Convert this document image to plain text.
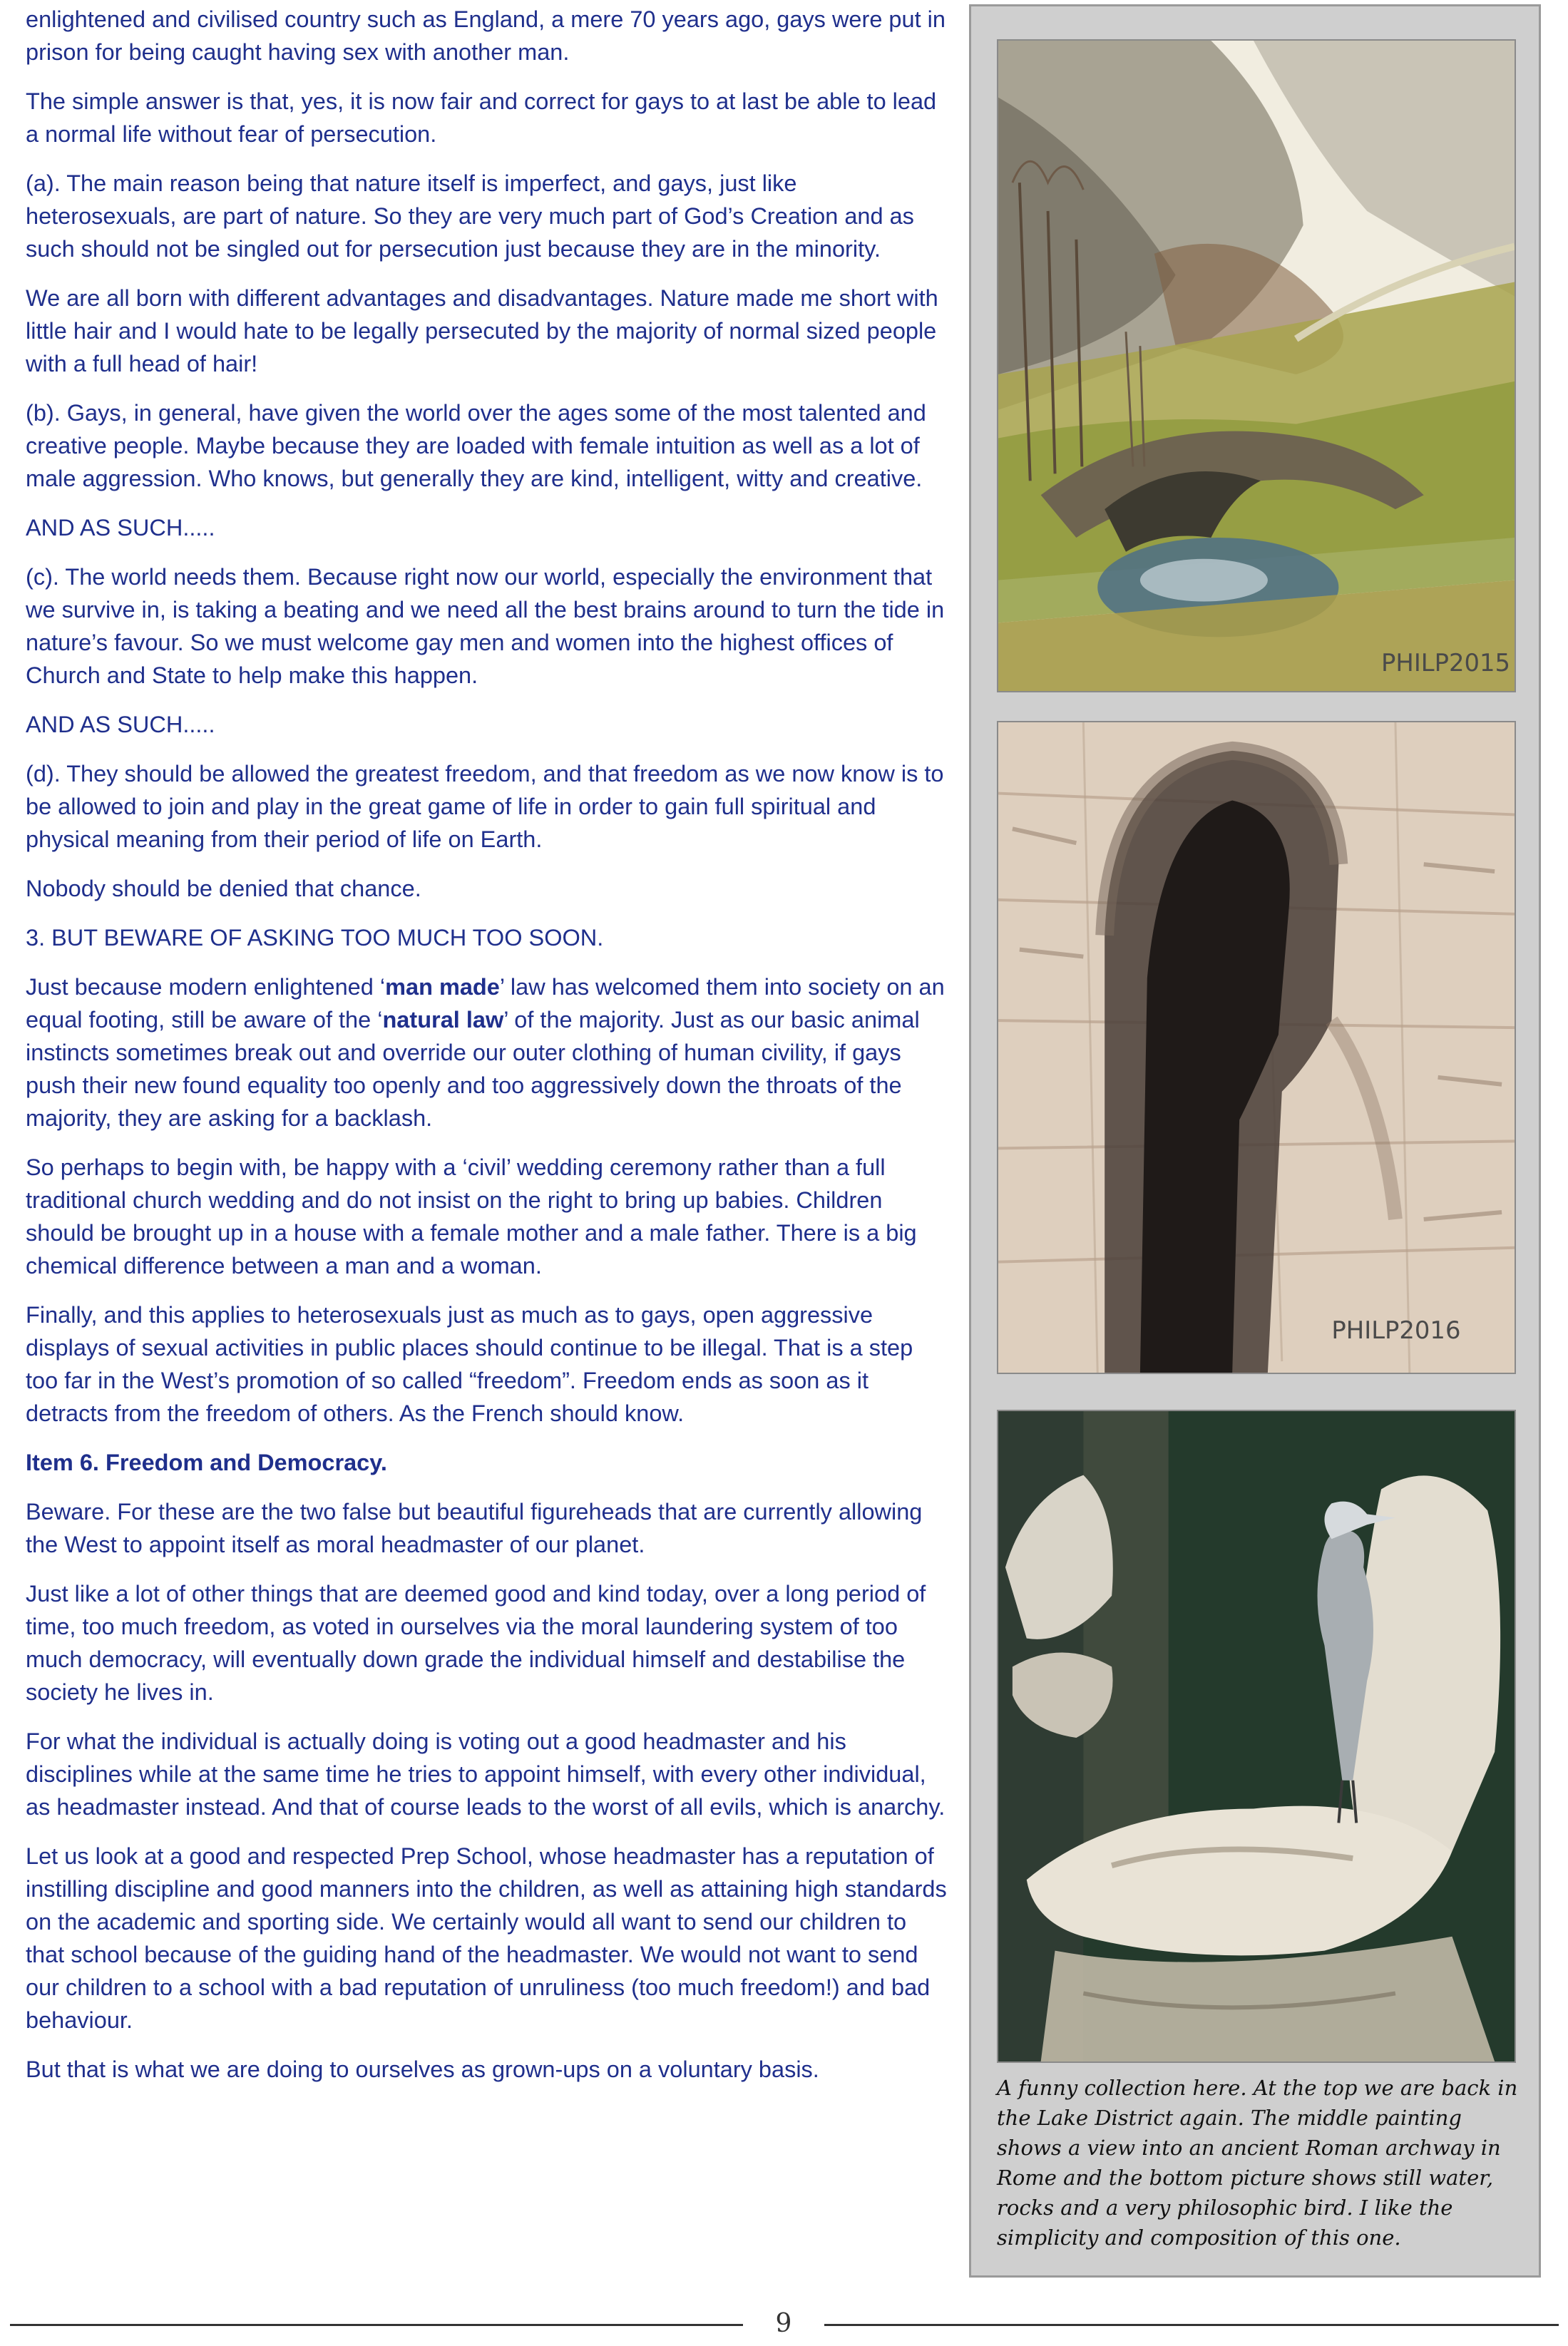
enlightened and civilised country such as England, a mere 70 years ago, gays were put in prison for being caught having sex with another man.

The simple answer is that, yes, it is now fair and correct for gays to at last be able to lead a normal life without fear of persecution.

(a). The main reason being that nature itself is imperfect, and gays, just like heterosexuals, are part of nature. So they are very much part of God’s Creation and as such should not be singled out for persecution just because they are in the minority.

We are all born with different advantages and disadvantages. Nature made me short with little hair and I would hate to be legally persecuted by the majority of normal sized people with a full head of hair!

(b). Gays, in general, have given the world over the ages some of the most talented and creative people. Maybe because they are loaded with female intuition as well as a lot of male aggression. Who knows, but generally they are kind, intelligent, witty and creative.

AND AS SUCH.....

(c). The world needs them. Because right now our world, especially the environment that we survive in, is taking a beating and we need all the best brains around to turn the tide in nature’s favour. So we must welcome gay men and women into the highest offices of Church and State to help make this happen.

AND AS SUCH.....

(d). They should be allowed the greatest freedom, and that freedom as we now know is to be allowed to join and play in the great game of life in order to gain full spiritual and physical meaning from their period of life on Earth.

Nobody should be denied that chance.

3. BUT BEWARE OF ASKING TOO MUCH TOO SOON.

Just because modern enlightened ‘man made’ law has welcomed them into society on an equal footing, still be aware of the ‘natural law’ of the majority. Just as our basic animal instincts sometimes break out and override our outer clothing of human civility, if gays push their new found equality too openly and too aggressively down the throats of the majority, they are asking for a backlash.

So perhaps to begin with, be happy with a ‘civil’ wedding ceremony rather than a full traditional church wedding and do not insist on the right to bring up babies. Children should be brought up in a house with a female mother and a male father. There is a big chemical difference between a man and a woman.

Finally, and this applies to heterosexuals just as much as to gays, open aggressive displays of sexual activities in public places should continue to be illegal. That is a step too far in the West’s promotion of so called “freedom”. Freedom ends as soon as it detracts from the freedom of others. As the French should know.

Item 6. Freedom and Democracy.

Beware. For these are the two false but beautiful figureheads that are currently allowing the West to appoint itself as moral headmaster of our planet.

Just like a lot of other things that are deemed good and kind today, over a long period of time, too much freedom, as voted in ourselves via the moral laundering system of too much democracy, will eventually down grade the individual himself and destabilise the society he lives in.

For what the individual is actually doing is voting out a good headmaster and his disciplines while at the same time he tries to appoint himself, with every other individual, as headmaster instead. And that of course leads to the worst of all evils, which is anarchy.

Let us look at a good and respected Prep School, whose headmaster has a reputation of instilling discipline and good manners into the children, as well as attaining high standards on the academic and sporting side. We certainly would all want to send our children to that school because of the guiding hand of the headmaster. We would not want to send our children to a school with a bad reputation of unruliness (too much freedom!) and bad behaviour.

But that is what we are doing to ourselves as grown-ups on a voluntary basis.

PHILP2015
PHILP2016
A funny collection here. At the top we are back in the Lake District again. The middle painting shows a view into an ancient Roman archway in Rome and the bottom picture shows still water, rocks and a very philosophic bird. I like the simplicity and composition of this one.
9
